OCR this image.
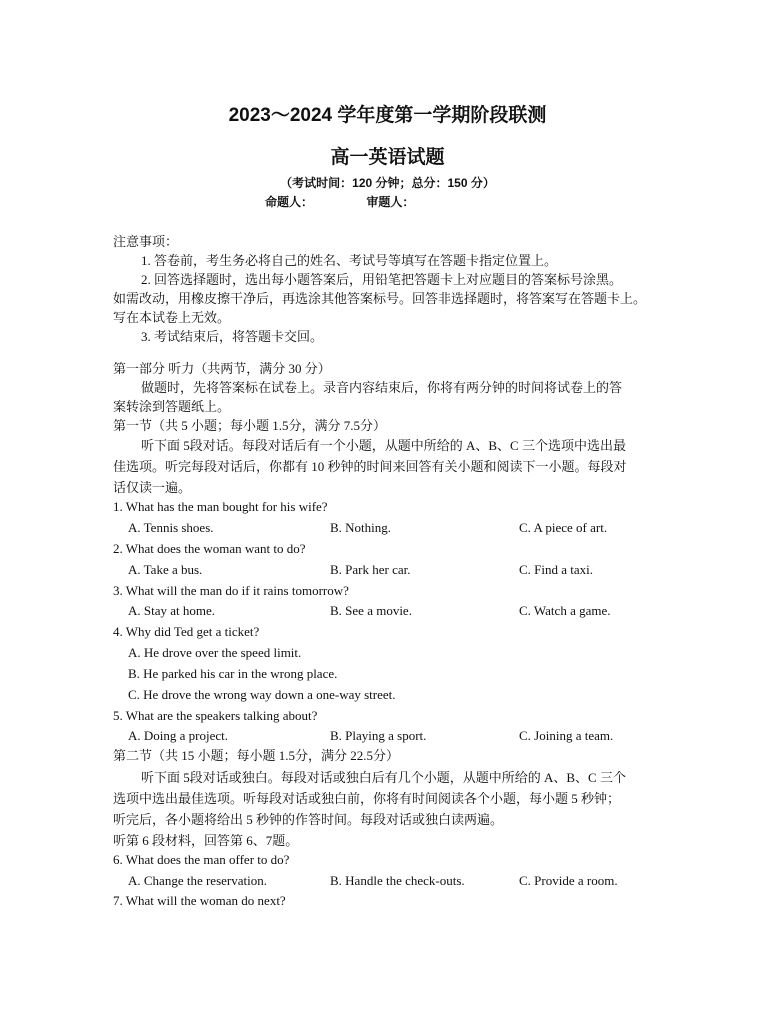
2023～2024 学年度第一学期阶段联测
高一英语试题
（考试时间：120 分钟；总分：150 分）
命题人：	审题人：
注意事项：
1. 答卷前，考生务必将自己的姓名、考试号等填写在答题卡指定位置上。
2. 回答选择题时，选出每小题答案后，用铅笔把答题卡上对应题目的答案标号涂黑。
如需改动，用橡皮擦干净后，再选涂其他答案标号。回答非选择题时，将答案写在答题卡上。
写在本试卷上无效。
3. 考试结束后，将答题卡交回。
第一部分 听力（共两节，满分 30 分）
做题时，先将答案标在试卷上。录音内容结束后，你将有两分钟的时间将试卷上的答
案转涂到答题纸上。
第一节（共 5 小题；每小题 1.5分，满分 7.5分）
听下面 5段对话。每段对话后有一个小题，从题中所给的 A、B、C 三个选项中选出最
佳选项。听完每段对话后，你都有 10 秒钟的时间来回答有关小题和阅读下一小题。每段对
话仅读一遍。
1. What has the man bought for his wife?
A. Tennis shoes.	B. Nothing.	C. A piece of art.
2. What does the woman want to do?
A. Take a bus.	B. Park her car.	C. Find a taxi.
3. What will the man do if it rains tomorrow?
A. Stay at home.	B. See a movie.	C. Watch a game.
4. Why did Ted get a ticket?
A. He drove over the speed limit.
B. He parked his car in the wrong place.
C. He drove the wrong way down a one-way street.
5. What are the speakers talking about?
A. Doing a project.	B. Playing a sport.	C. Joining a team.
第二节（共 15 小题；每小题 1.5分，满分 22.5分）
听下面 5段对话或独白。每段对话或独白后有几个小题，从题中所给的 A、B、C 三个
选项中选出最佳选项。听每段对话或独白前，你将有时间阅读各个小题，每小题 5 秒钟；
听完后，各小题将给出 5 秒钟的作答时间。每段对话或独白读两遍。
听第 6 段材料，回答第 6、7题。
6. What does the man offer to do?
A. Change the reservation.	B. Handle the check-outs.	C. Provide a room.
7. What will the woman do next?
